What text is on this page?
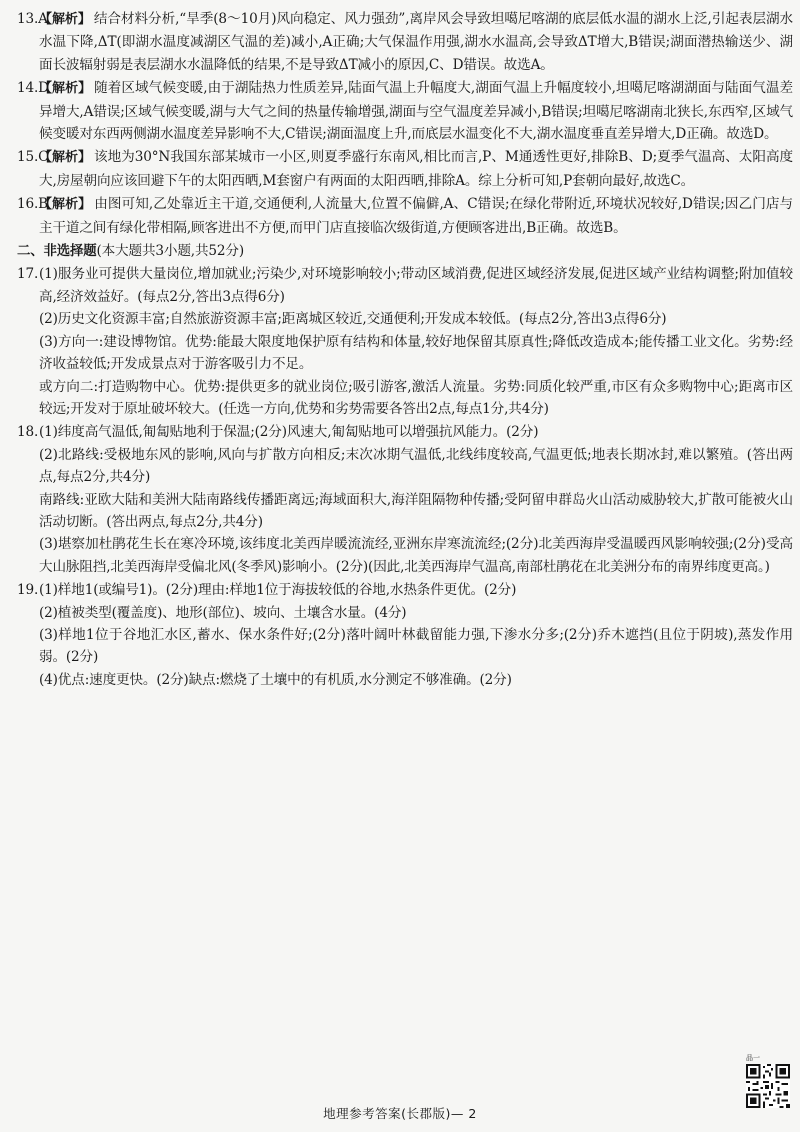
13.A
【解析】 结合材料分析,“旱季(8～10月)风向稳定、风力强劲”,离岸风会导致坦噶尼喀湖的底层低水温的湖水上泛,引起表层湖水水温下降,ΔT(即湖水温度减湖区气温的差)减小,A正确;大气保温作用强,湖水水温高,会导致ΔT增大,B错误;湖面潜热输送少、湖面长波辐射弱是表层湖水水温降低的结果,不是导致ΔT减小的原因,C、D错误。故选A。
14.D
【解析】 随着区域气候变暖,由于湖陆热力性质差异,陆面气温上升幅度大,湖面气温上升幅度较小,坦噶尼喀湖湖面与陆面气温差异增大,A错误;区域气候变暖,湖与大气之间的热量传输增强,湖面与空气温度差异减小,B错误;坦噶尼喀湖南北狭长,东西窄,区域气候变暖对东西两侧湖水温度差异影响不大,C错误;湖面温度上升,而底层水温变化不大,湖水温度垂直差异增大,D正确。故选D。
15.C
【解析】 该地为30°N我国东部某城市一小区,则夏季盛行东南风,相比而言,P、M通透性更好,排除B、D;夏季气温高、太阳高度大,房屋朝向应该回避下午的太阳西晒,M套窗户有两面的太阳西晒,排除A。综上分析可知,P套朝向最好,故选C。
16.B
【解析】 由图可知,乙处靠近主干道,交通便利,人流量大,位置不偏僻,A、C错误;在绿化带附近,环境状况较好,D错误;因乙门店与主干道之间有绿化带相隔,顾客进出不方便,而甲门店直接临次级街道,方便顾客进出,B正确。故选B。
二、非选择题(本大题共3小题,共52分)
17. (1)服务业可提供大量岗位,增加就业;污染少,对环境影响较小;带动区域消费,促进区域经济发展,促进区域产业结构调整;附加值较高,经济效益好。(每点2分,答出3点得6分)
(2)历史文化资源丰富;自然旅游资源丰富;距离城区较近,交通便利;开发成本较低。(每点2分,答出3点得6分)
(3)方向一:建设博物馆。优势:能最大限度地保护原有结构和体量,较好地保留其原真性;降低改造成本;能传播工业文化。劣势:经济收益较低;开发成景点对于游客吸引力不足。
或方向二:打造购物中心。优势:提供更多的就业岗位;吸引游客,激活人流量。劣势:同质化较严重,市区有众多购物中心;距离市区较远;开发对于原址破坏较大。(任选一方向,优势和劣势需要各答出2点,每点1分,共4分)
18. (1)纬度高气温低,匍匐贴地利于保温;(2分)风速大,匍匐贴地可以增强抗风能力。(2分)
(2)北路线:受极地东风的影响,风向与扩散方向相反;末次冰期气温低,北线纬度较高,气温更低;地表长期冰封,难以繁殖。(答出两点,每点2分,共4分)
南路线:亚欧大陆和美洲大陆南路线传播距离远;海域面积大,海洋阻隔物种传播;受阿留申群岛火山活动威胁较大,扩散可能被火山活动切断。(答出两点,每点2分,共4分)
(3)堪察加杜鹃花生长在寒冷环境,该纬度北美西岸暖流流经,亚洲东岸寒流流经;(2分)北美西海岸受温暖西风影响较强;(2分)受高大山脉阻挡,北美西海岸受偏北风(冬季风)影响小。(2分)(因此,北美西海岸气温高,南部杜鹃花在北美洲分布的南界纬度更高。)
19. (1)样地1(或编号1)。(2分)理由:样地1位于海拔较低的谷地,水热条件更优。(2分)
(2)植被类型(覆盖度)、地形(部位)、坡向、土壤含水量。(4分)
(3)样地1位于谷地汇水区,蓄水、保水条件好;(2分)落叶阔叶林截留能力强,下渗水分多;(2分)乔木遮挡(且位于阴坡),蒸发作用弱。(2分)
(4)优点:速度更快。(2分)缺点:燃烧了土壤中的有机质,水分测定不够准确。(2分)
品一
地理参考答案(长郡版)— 2
